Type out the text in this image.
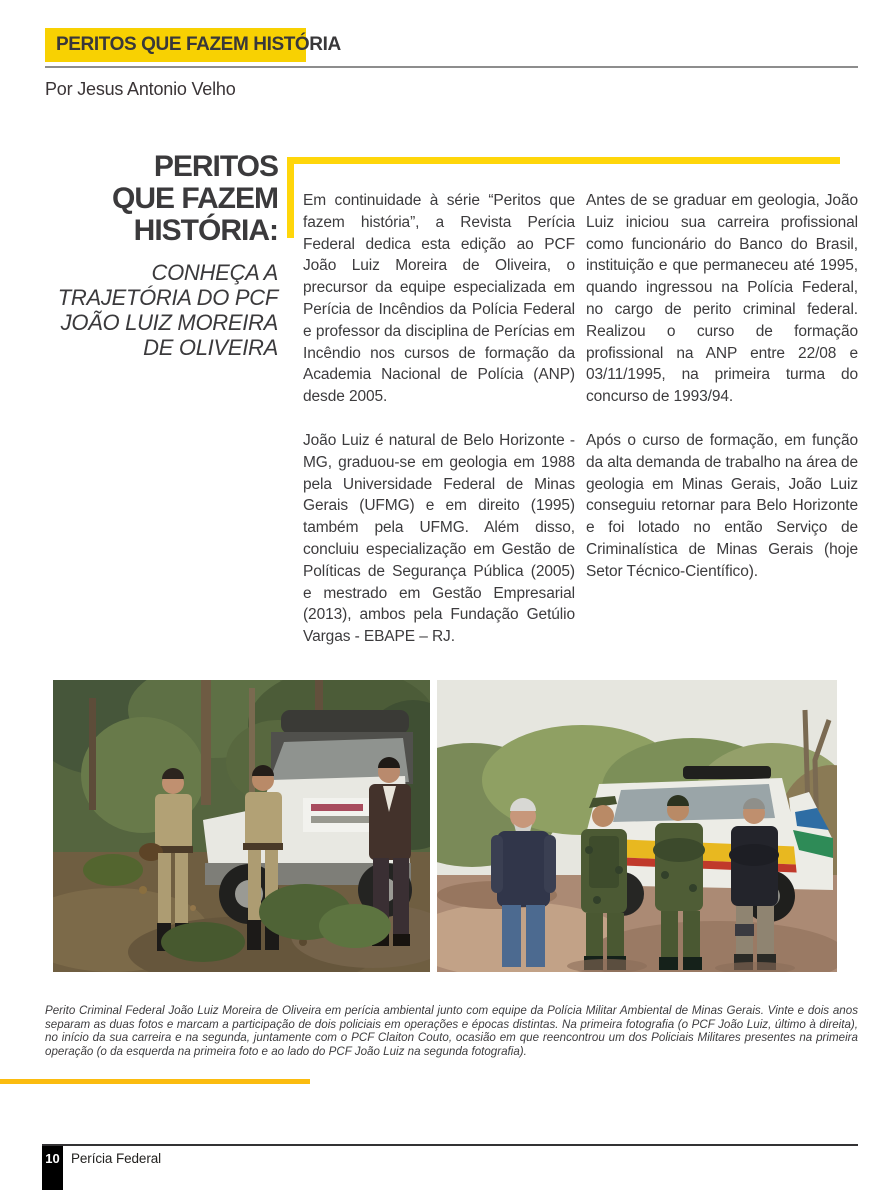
PERITOS QUE FAZEM HISTÓRIA
Por Jesus Antonio Velho
PERITOS
QUE FAZEM
HISTÓRIA:
CONHEÇA A
TRAJETÓRIA DO PCF
JOÃO LUIZ MOREIRA
DE OLIVEIRA

Em continuidade à série “Peritos que fazem história”, a Revista Perícia Federal dedica esta edição ao PCF João Luiz Moreira de Oliveira, o precursor da equipe especializada em Perícia de Incêndios da Polícia Federal e professor da disciplina de Perícias em Incêndio nos cursos de formação da Academia Nacional de Polícia (ANP) desde 2005.

João Luiz é natural de Belo Horizonte - MG, graduou-se em geologia em 1988 pela Universidade Federal de Minas Gerais (UFMG) e em direito (1995) também pela UFMG. Além disso, concluiu especialização em Gestão de Políticas de Segurança Pública (2005) e mestrado em Gestão Empresarial (2013), ambos pela Fundação Getúlio Vargas - EBAPE – RJ.

Antes de se graduar em geologia, João Luiz iniciou sua carreira profissional como funcionário do Banco do Brasil, instituição e que permaneceu até 1995, quando ingressou na Polícia Federal, no cargo de perito criminal federal. Realizou o curso de formação profissional na ANP entre 22/08 e 03/11/1995, na primeira turma do concurso de 1993/94.

Após o curso de formação, em função da alta demanda de trabalho na área de geologia em Minas Gerais, João Luiz conseguiu retornar para Belo Horizonte e foi lotado no então Serviço de Criminalística de Minas Gerais (hoje Setor Técnico-Científico).

Perito Criminal Federal João Luiz Moreira de Oliveira em perícia ambiental junto com equipe da Polícia Militar Ambiental de Minas Gerais. Vinte e dois anos separam as duas fotos e marcam a participação de dois policiais em operações e épocas distintas. Na primeira fotografia (o PCF João Luiz, último à direita), no início da sua carreira e na segunda, juntamente com o PCF Claiton Couto, ocasião em que reencontrou um dos Policiais Militares presentes na primeira operação (o da esquerda na primeira foto e ao lado do PCF João Luiz na segunda fotografia).
10 Perícia Federal
